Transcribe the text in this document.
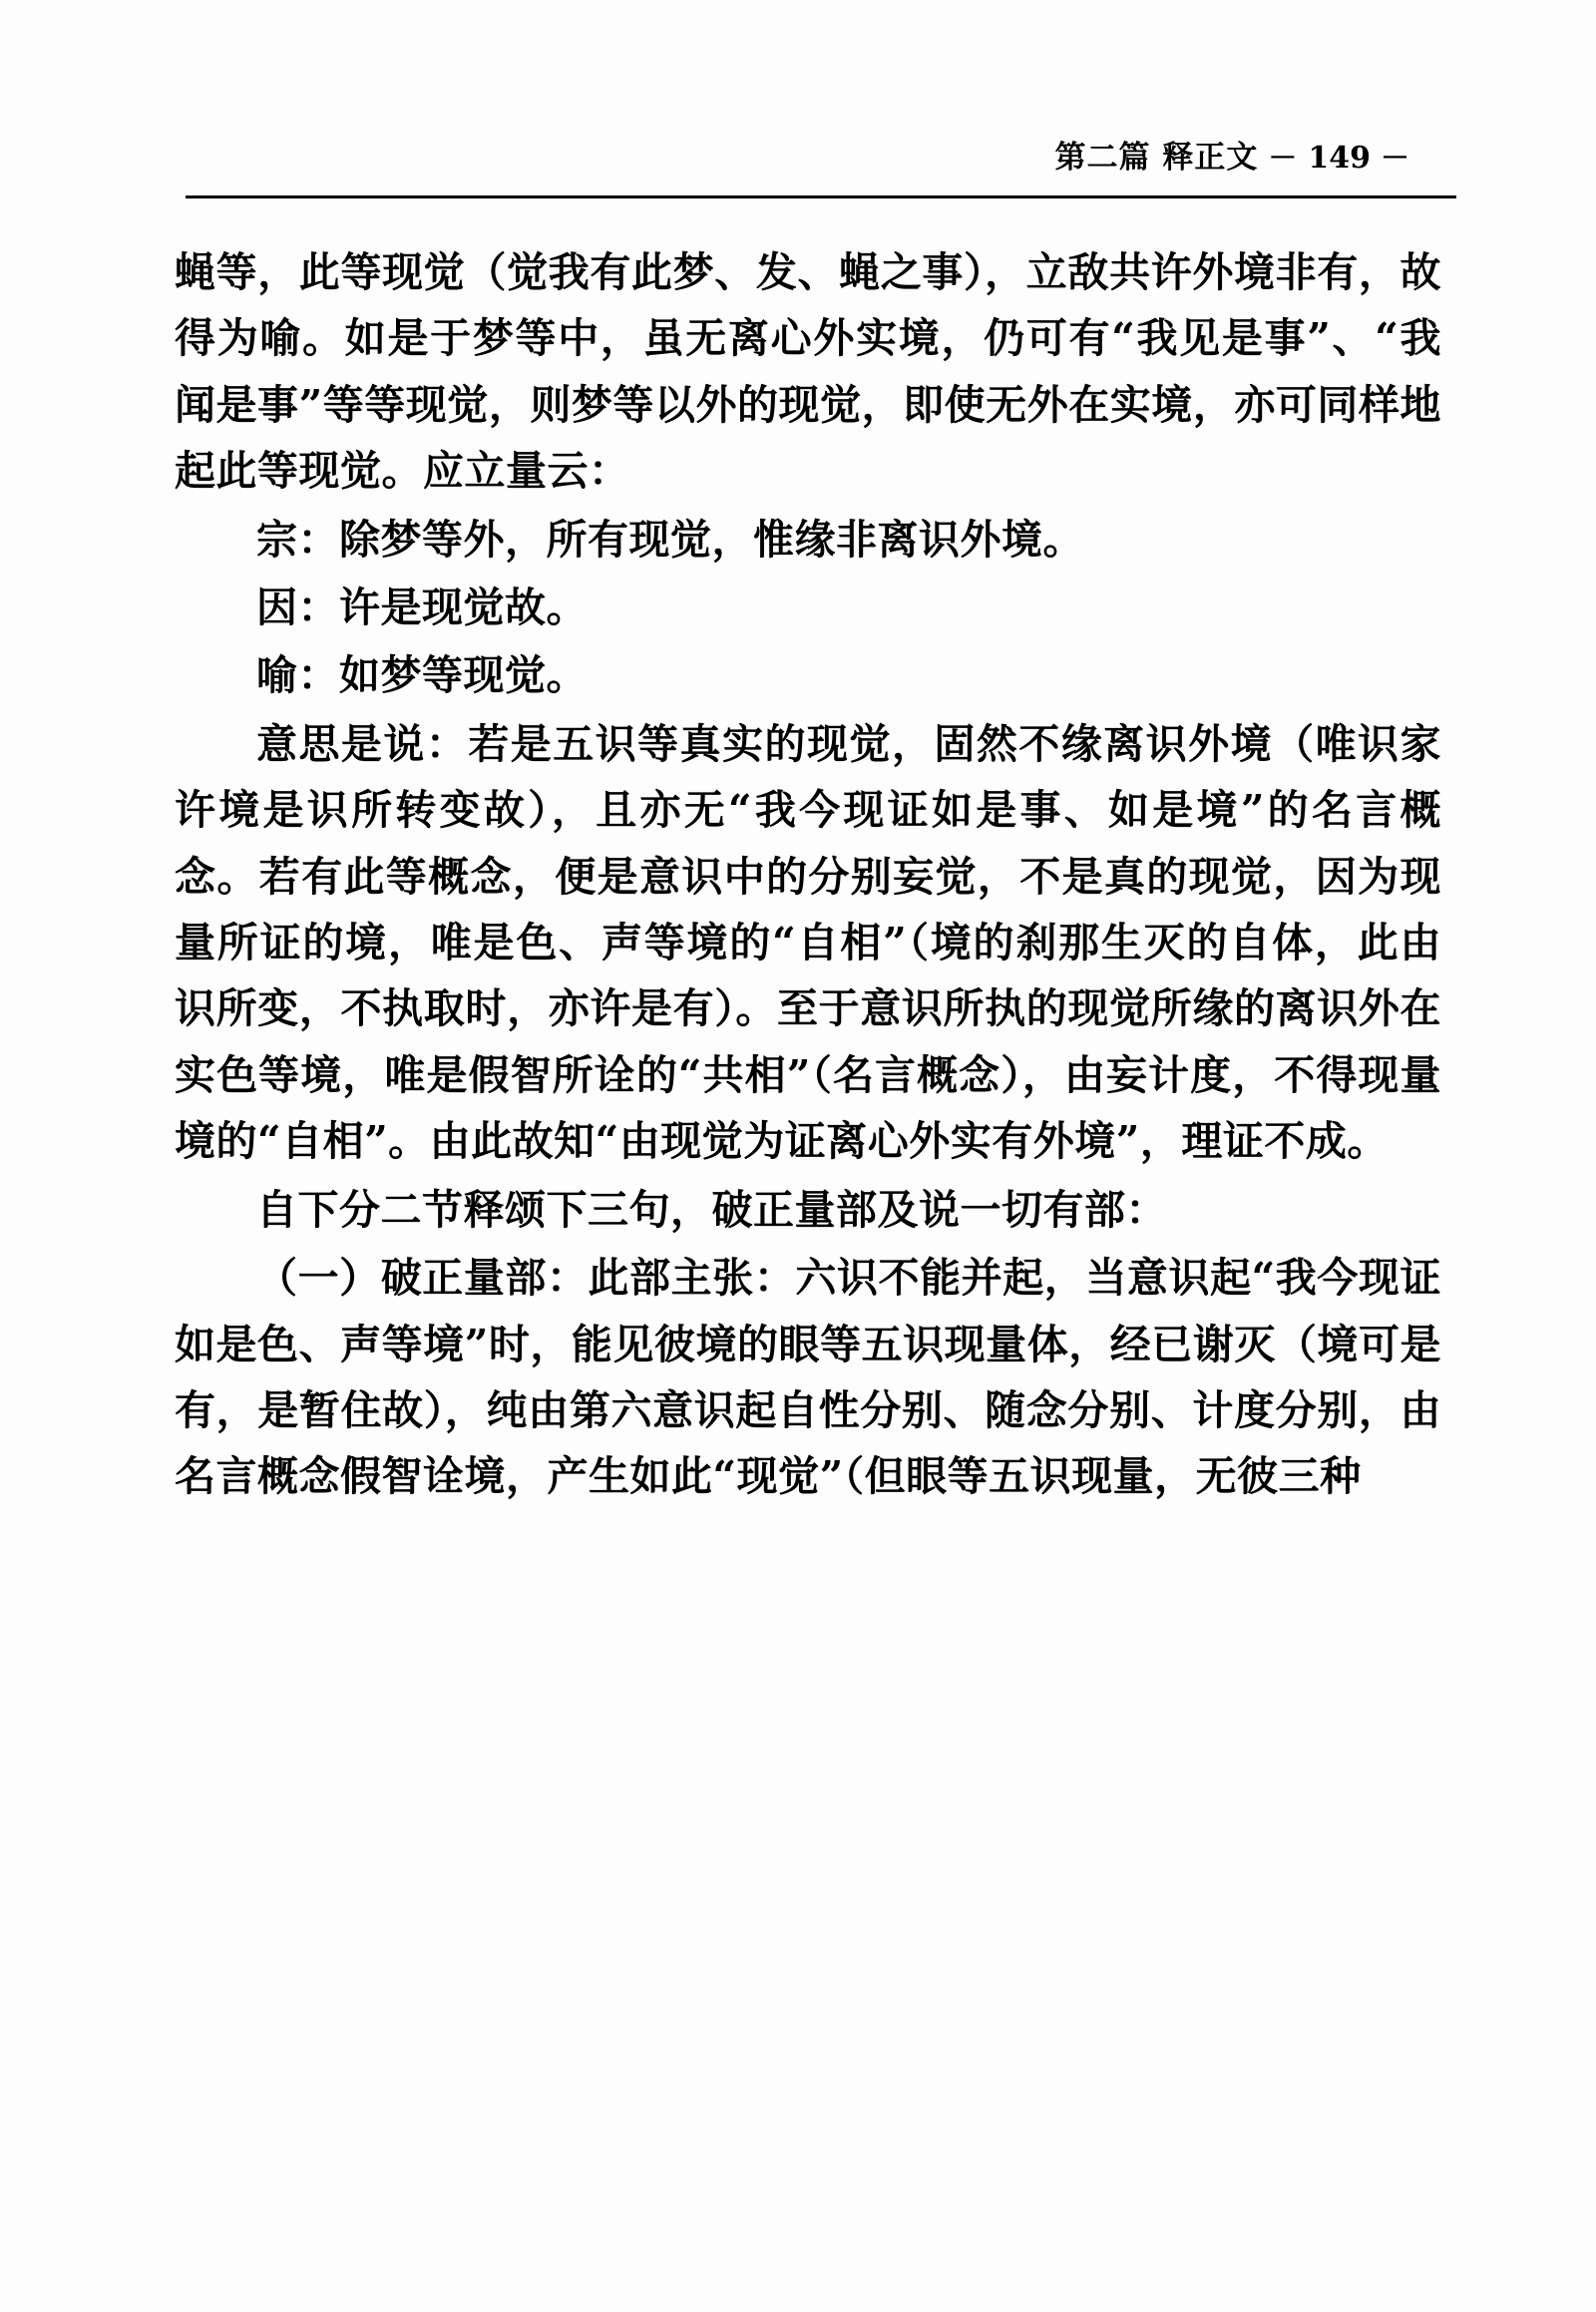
第二篇 释正文 － 149 －

蝇等，此等现觉（觉我有此梦、发、蝇之事），立敌共许外境非有，故得为喻。如是于梦等中，虽无离心外实境，仍可有“我见是事”、“我闻是事”等等现觉，则梦等以外的现觉，即使无外在实境，亦可同样地起此等现觉。应立量云：

宗：除梦等外，所有现觉，惟缘非离识外境。

因：许是现觉故。

喻：如梦等现觉。

意思是说：若是五识等真实的现觉，固然不缘离识外境（唯识家许境是识所转变故），且亦无“我今现证如是事、如是境”的名言概念。若有此等概念，便是意识中的分别妄觉，不是真的现觉，因为现量所证的境，唯是色、声等境的“自相”（境的刹那生灭的自体，此由识所变，不执取时，亦许是有）。至于意识所执的现觉所缘的离识外在实色等境，唯是假智所诠的“共相”（名言概念），由妄计度，不得现量境的“自相”。由此故知“由现觉为证离心外实有外境”，理证不成。

自下分二节释颂下三句，破正量部及说一切有部：

（一）破正量部：此部主张：六识不能并起，当意识起“我今现证如是色、声等境”时，能见彼境的眼等五识现量体，经已谢灭（境可是有，是暂住故），纯由第六意识起自性分别、随念分别、计度分别，由名言概念假智诠境，产生如此“现觉”（但眼等五识现量，无彼三种
